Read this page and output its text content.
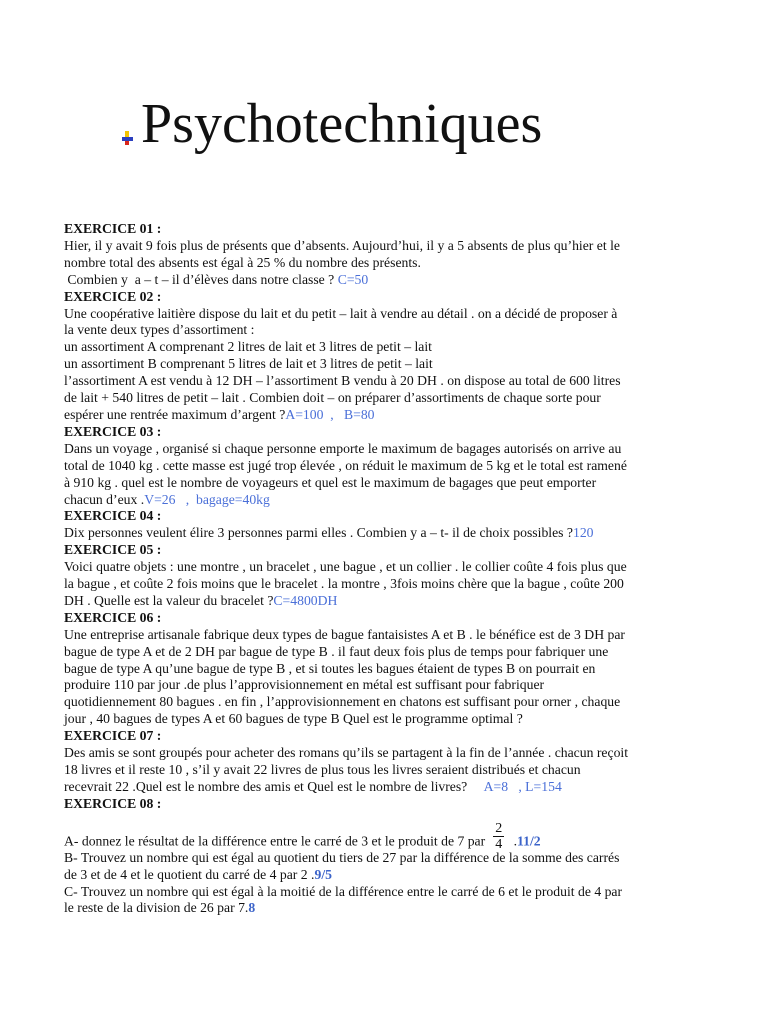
Psychotechniques

EXERCICE 01 :

Hier, il y avait 9 fois plus de présents que d’absents. Aujourd’hui, il y a 5 absents de plus qu’hier et le

nombre total des absents est égal à 25 % du nombre des présents.

Combien y  a – t – il d’élèves dans notre classe ? C=50

EXERCICE 02 :

Une coopérative laitière dispose du lait et du petit – lait à vendre au détail . on a décidé de proposer à

la vente deux types d’assortiment :

un assortiment A comprenant 2 litres de lait et 3 litres de petit – lait

un assortiment B comprenant 5 litres de lait et 3 litres de petit – lait

l’assortiment A est vendu à 12 DH – l’assortiment B vendu à 20 DH . on dispose au total de 600 litres

de lait + 540 litres de petit – lait . Combien doit – on préparer d’assortiments de chaque sorte pour

espérer une rentrée maximum d’argent ?A=100  ,   B=80

EXERCICE 03 :

Dans un voyage , organisé si chaque personne emporte le maximum de bagages autorisés on arrive au

total de 1040 kg . cette masse est jugé trop élevée , on réduit le maximum de 5 kg et le total est ramené

à 910 kg . quel est le nombre de voyageurs et quel est le maximum de bagages que peut emporter

chacun d’eux .V=26   ,  bagage=40kg

EXERCICE 04 :

Dix personnes veulent élire 3 personnes parmi elles . Combien y a – t- il de choix possibles ?120

EXERCICE 05 :

Voici quatre objets : une montre , un bracelet , une bague , et un collier . le collier coûte 4 fois plus que

la bague , et coûte 2 fois moins que le bracelet . la montre , 3fois moins chère que la bague , coûte 200

DH . Quelle est la valeur du bracelet ?C=4800DH

EXERCICE 06 :

Une entreprise artisanale fabrique deux types de bague fantaisistes A et B . le bénéfice est de 3 DH par

bague de type A et de 2 DH par bague de type B . il faut deux fois plus de temps pour fabriquer une

bague de type A qu’une bague de type B , et si toutes les bagues étaient de types B on pourrait en

produire 110 par jour .de plus l’approvisionnement en métal est suffisant pour fabriquer

quotidiennement 80 bagues . en fin , l’approvisionnement en chatons est suffisant pour orner , chaque

jour , 40 bagues de types A et 60 bagues de type B Quel est le programme optimal ?

EXERCICE 07 :

Des amis se sont groupés pour acheter des romans qu’ils se partagent à la fin de l’année . chacun reçoit

18 livres et il reste 10 , s’il y avait 22 livres de plus tous les livres seraient distribués et chacun

recevrait 22 .Quel est le nombre des amis et Quel est le nombre de livres?     A=8   , L=154

EXERCICE 08 :

A- donnez le résultat de la différence entre le carré de 3 et le produit de 7 par $\frac{2}{4} .11/2$

B- Trouvez un nombre qui est égal au quotient du tiers de 27 par la différence de la somme des carrés

de 3 et de 4 et le quotient du carré de 4 par 2 .9/5

C- Trouvez un nombre qui est égal à la moitié de la différence entre le carré de 6 et le produit de 4 par

le reste de la division de 26 par 7.8
